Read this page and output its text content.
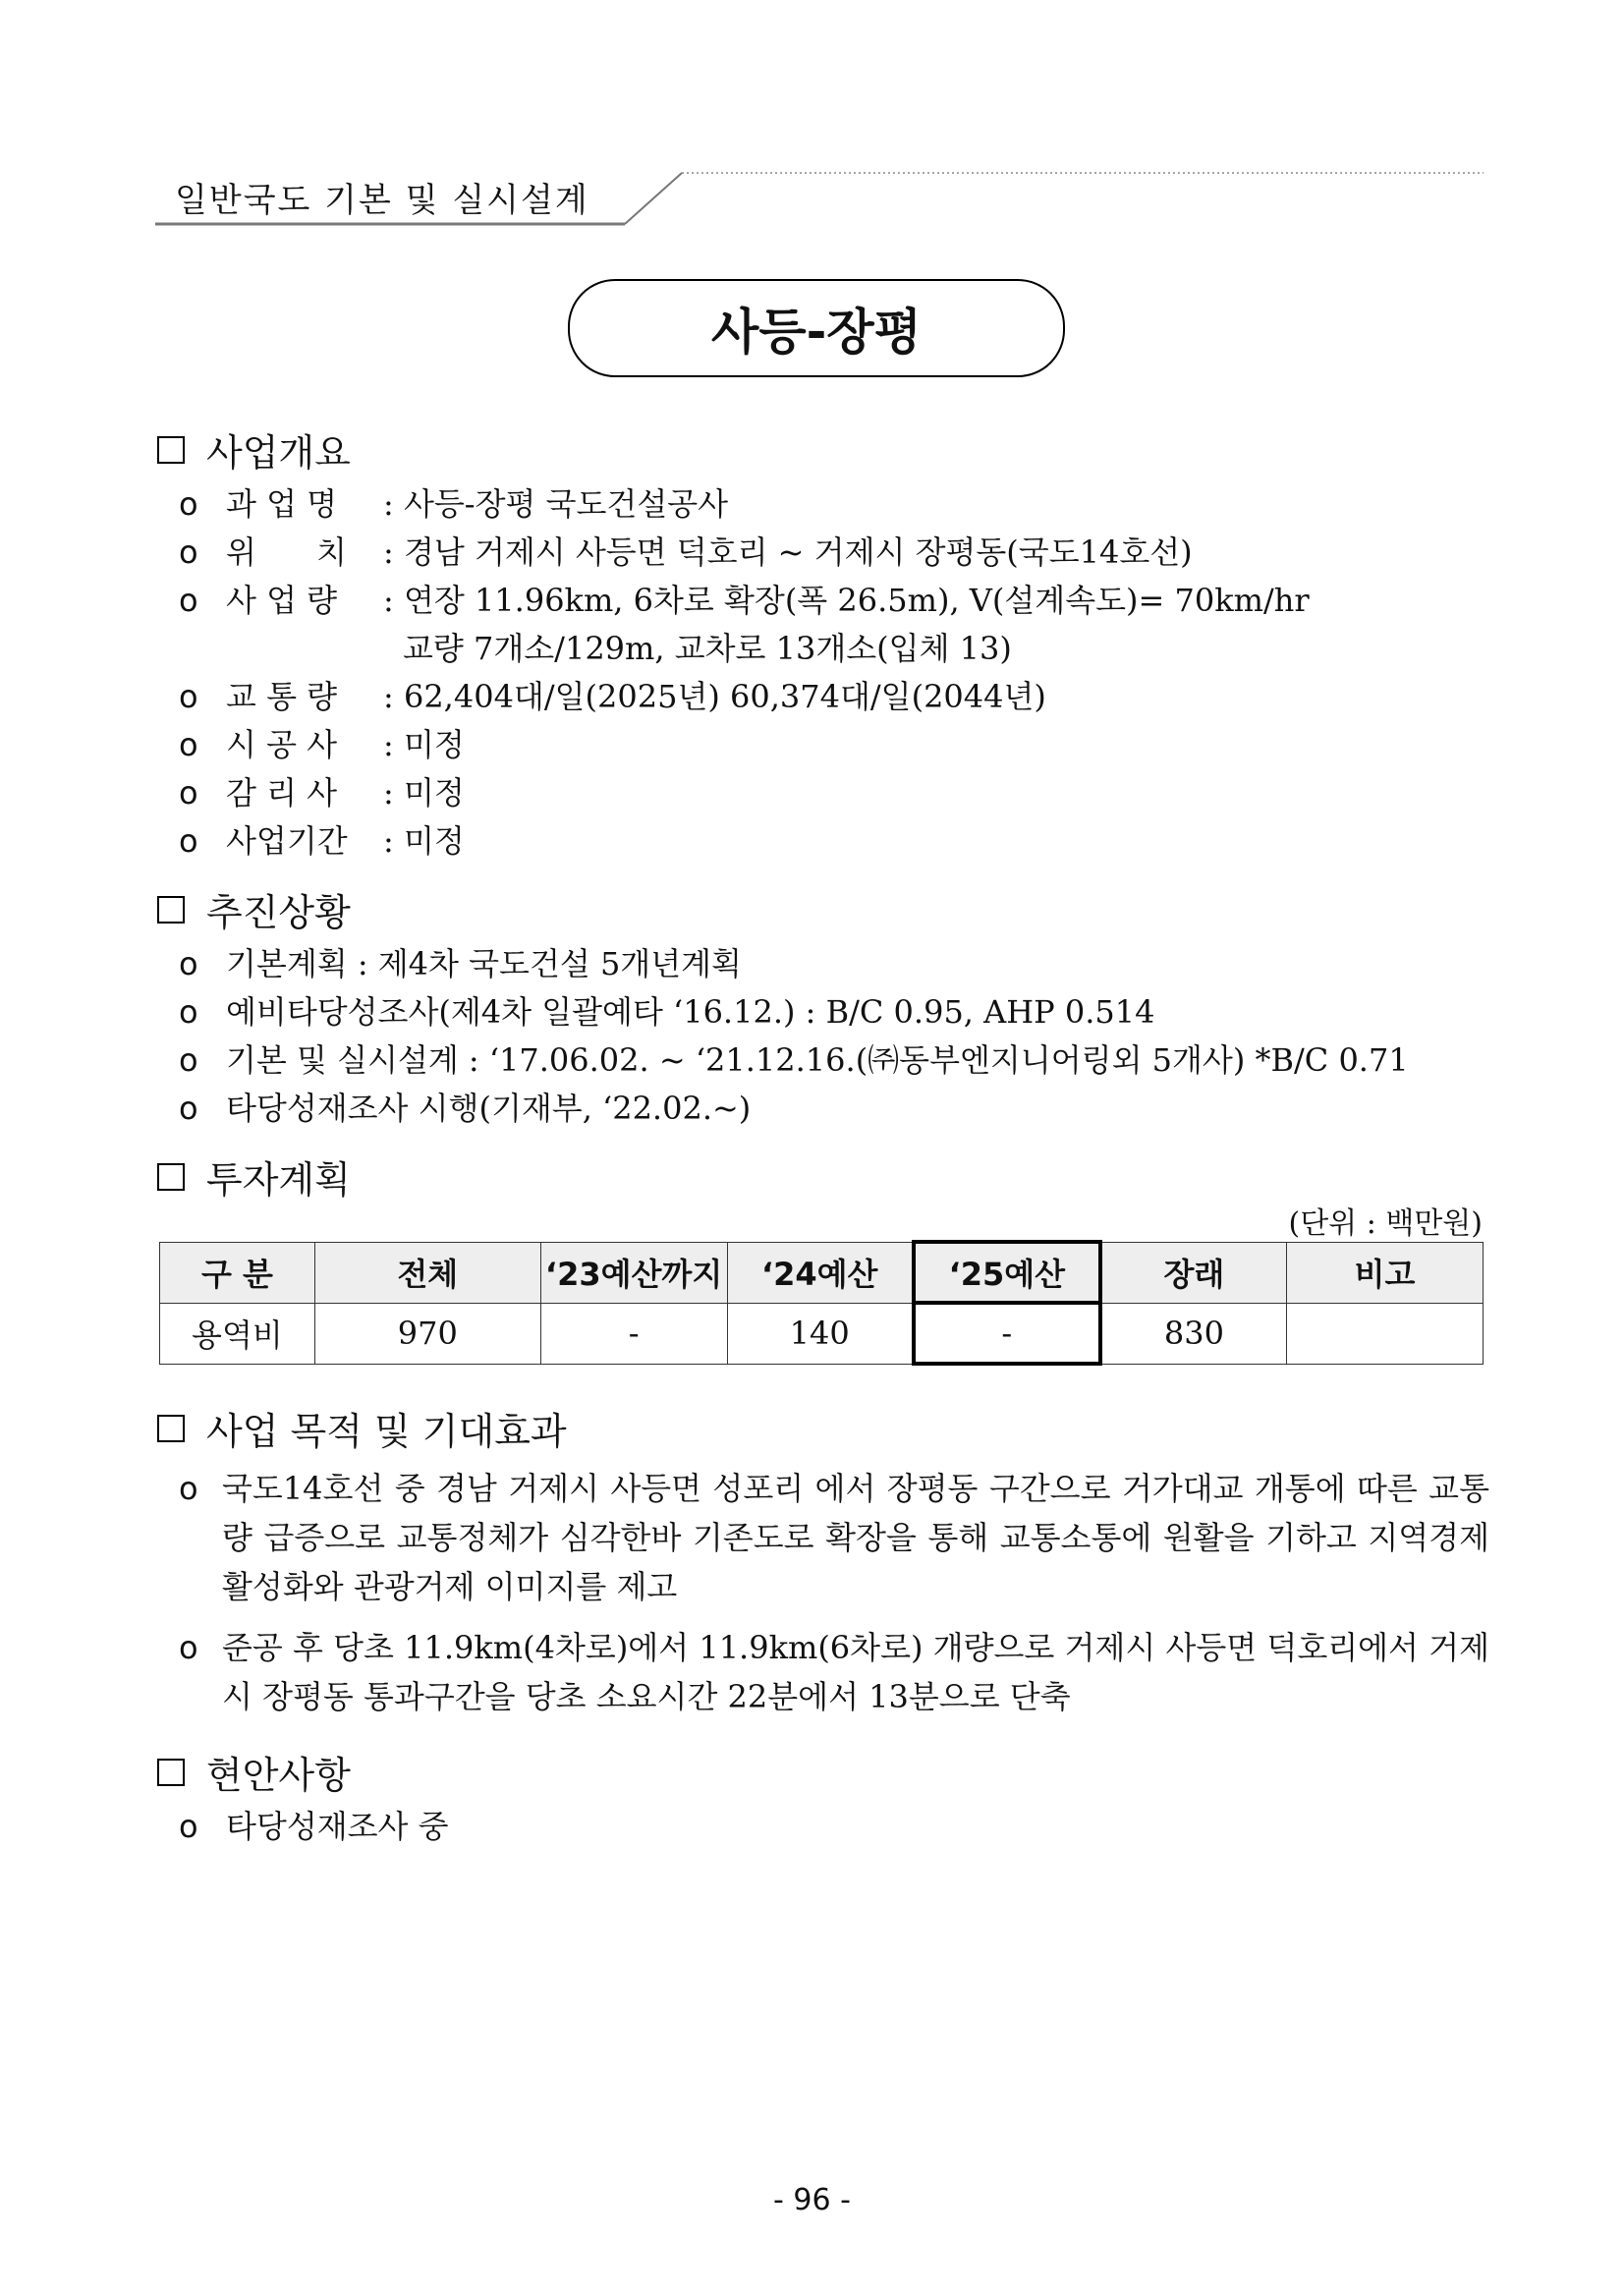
일반국도 기본 및 실시설계
사등-장평
사업개요
o 과 업 명 : 사등-장평 국도건설공사
o 위      치 : 경남 거제시 사등면 덕호리 ~ 거제시 장평동(국도14호선)
o 사 업 량 : 연장 11.96km, 6차로 확장(폭 26.5m), V(설계속도)= 70km/hr
교량 7개소/129m, 교차로 13개소(입체 13)
o 교 통 량 : 62,404대/일(2025년) 60,374대/일(2044년)
o 시 공 사 : 미정
o 감 리 사 : 미정
o 사업기간 : 미정
추진상황
o 기본계획 : 제4차 국도건설 5개년계획
o 예비타당성조사(제4차 일괄예타 ‘16.12.) : B/C 0.95, AHP 0.514
o 기본 및 실시설계 : ‘17.06.02. ~ ‘21.12.16.(㈜동부엔지니어링외 5개사) *B/C 0.71
o 타당성재조사 시행(기재부, ‘22.02.~)
투자계획
(단위 : 백만원)
구 분	전체	‘23예산까지	‘24예산	‘25예산	장래	비고
용역비	970	-	140	-	830	
사업 목적 및 기대효과
o 국도14호선 중 경남 거제시 사등면 성포리 에서 장평동 구간으로 거가대교 개통에 따른 교통량 급증으로 교통정체가 심각한바 기존도로 확장을 통해 교통소통에 원활을 기하고 지역경제 활성화와 관광거제 이미지를 제고
o 준공 후 당초 11.9km(4차로)에서 11.9km(6차로) 개량으로 거제시 사등면 덕호리에서 거제시 장평동 통과구간을 당초 소요시간 22분에서 13분으로 단축
현안사항
o 타당성재조사 중
- 96 -
